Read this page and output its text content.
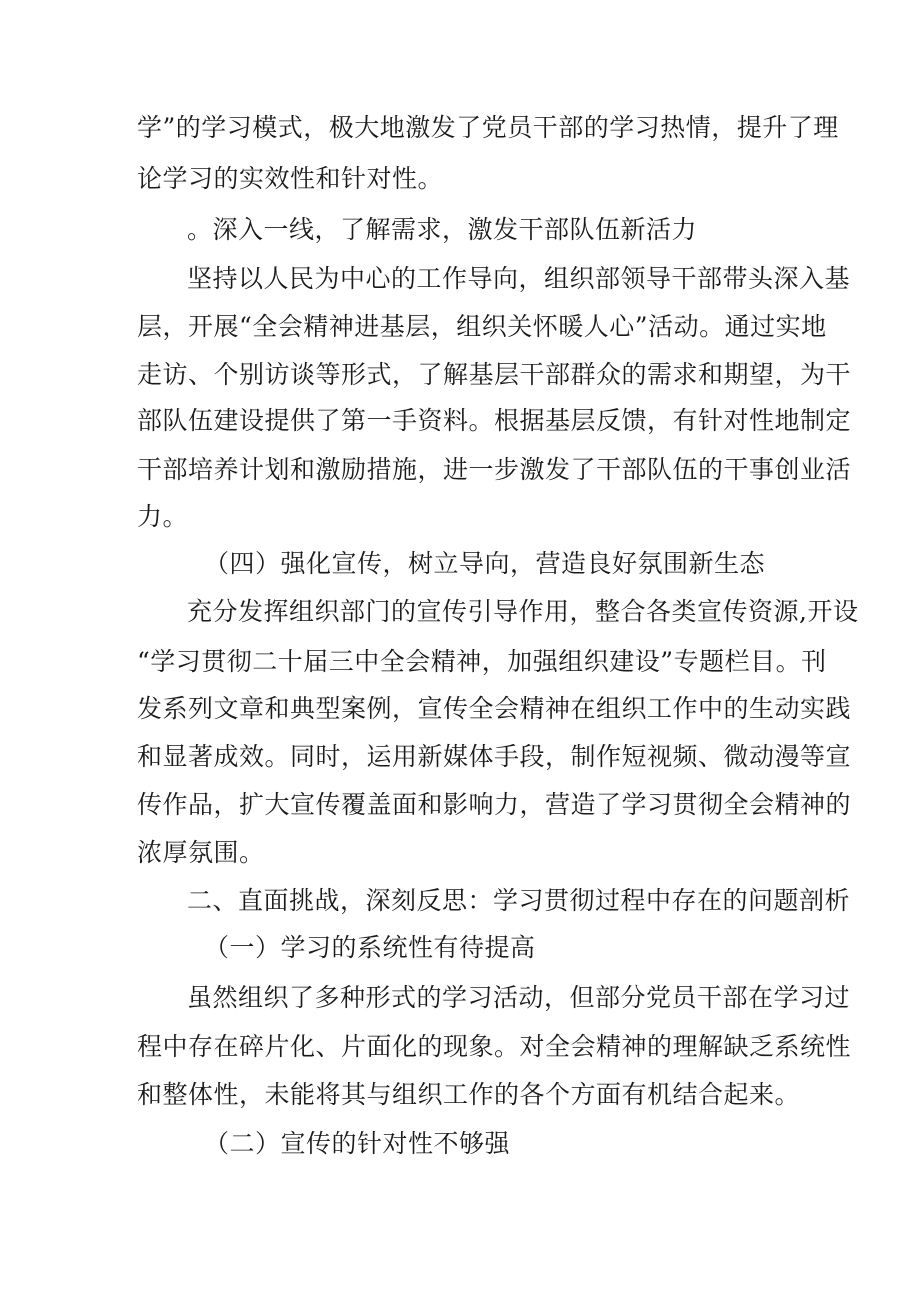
学”的学习模式，极大地激发了党员干部的学习热情，提升了理
论学习的实效性和针对性。
。深入一线，了解需求，激发干部队伍新活力
坚持以人民为中心的工作导向，组织部领导干部带头深入基
层，开展“全会精神进基层，组织关怀暖人心”活动。通过实地
走访、个别访谈等形式，了解基层干部群众的需求和期望，为干
部队伍建设提供了第一手资料。根据基层反馈，有针对性地制定
干部培养计划和激励措施，进一步激发了干部队伍的干事创业活
力。
（四）强化宣传，树立导向，营造良好氛围新生态
充分发挥组织部门的宣传引导作用，整合各类宣传资源,开设
“学习贯彻二十届三中全会精神，加强组织建设”专题栏目。刊
发系列文章和典型案例，宣传全会精神在组织工作中的生动实践
和显著成效。同时，运用新媒体手段，制作短视频、微动漫等宣
传作品，扩大宣传覆盖面和影响力，营造了学习贯彻全会精神的
浓厚氛围。
二、直面挑战，深刻反思：学习贯彻过程中存在的问题剖析
（一）学习的系统性有待提高
虽然组织了多种形式的学习活动，但部分党员干部在学习过
程中存在碎片化、片面化的现象。对全会精神的理解缺乏系统性
和整体性，未能将其与组织工作的各个方面有机结合起来。
（二）宣传的针对性不够强
